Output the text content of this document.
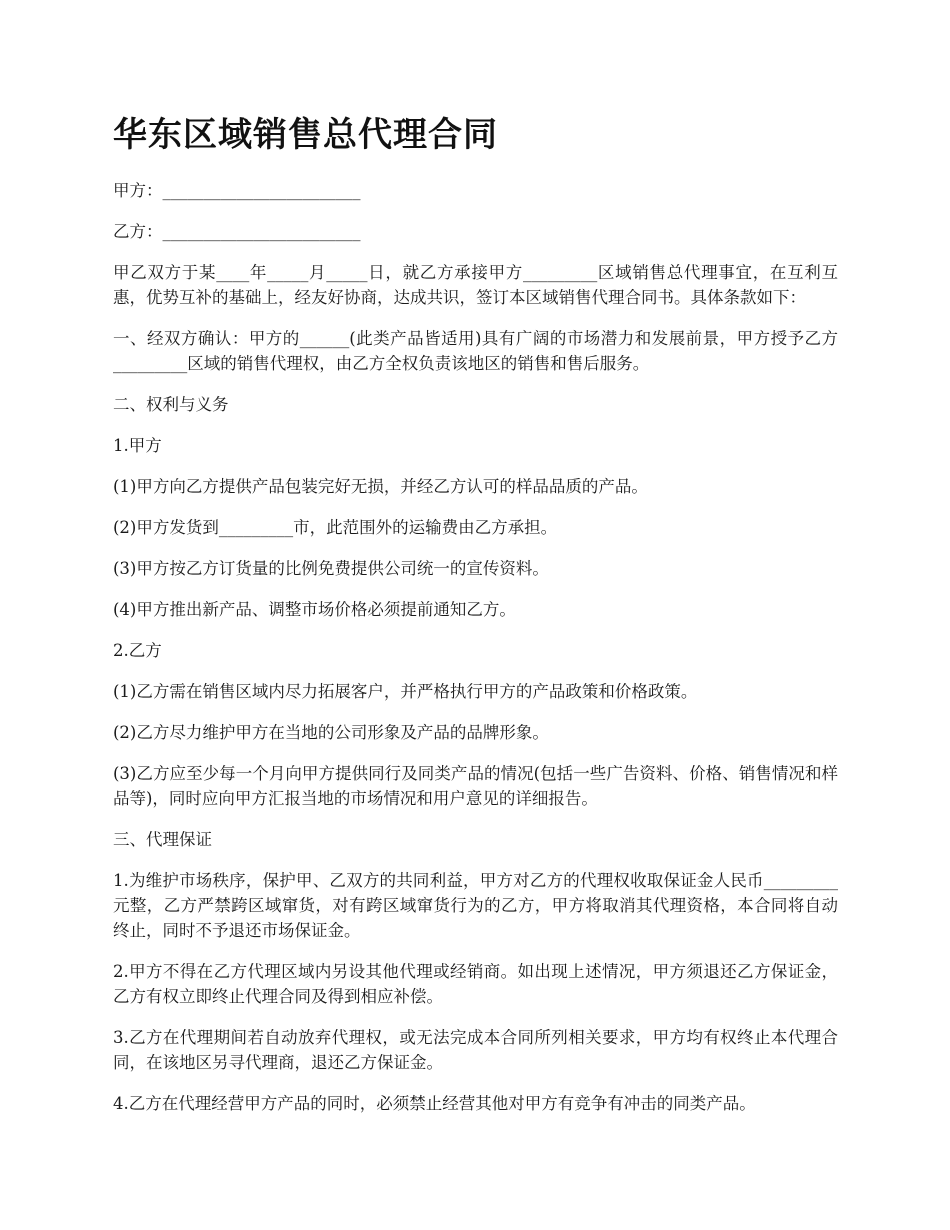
华东区域销售总代理合同

甲方：________________________

乙方：________________________

甲乙双方于某____年_____月_____日，就乙方承接甲方_________区域销售总代理事宜，在互利互惠，优势互补的基础上，经友好协商，达成共识，签订本区域销售代理合同书。具体条款如下：

一、经双方确认：甲方的______(此类产品皆适用)具有广阔的市场潜力和发展前景，甲方授予乙方_________区域的销售代理权，由乙方全权负责该地区的销售和售后服务。

二、权利与义务

1.甲方

(1)甲方向乙方提供产品包装完好无损，并经乙方认可的样品品质的产品。

(2)甲方发货到_________市，此范围外的运输费由乙方承担。

(3)甲方按乙方订货量的比例免费提供公司统一的宣传资料。

(4)甲方推出新产品、调整市场价格必须提前通知乙方。

2.乙方

(1)乙方需在销售区域内尽力拓展客户，并严格执行甲方的产品政策和价格政策。

(2)乙方尽力维护甲方在当地的公司形象及产品的品牌形象。

(3)乙方应至少每一个月向甲方提供同行及同类产品的情况(包括一些广告资料、价格、销售情况和样品等)，同时应向甲方汇报当地的市场情况和用户意见的详细报告。

三、代理保证

1.为维护市场秩序，保护甲、乙双方的共同利益，甲方对乙方的代理权收取保证金人民币_________元整，乙方严禁跨区域窜货，对有跨区域窜货行为的乙方，甲方将取消其代理资格，本合同将自动终止，同时不予退还市场保证金。

2.甲方不得在乙方代理区域内另设其他代理或经销商。如出现上述情况，甲方须退还乙方保证金，乙方有权立即终止代理合同及得到相应补偿。

3.乙方在代理期间若自动放弃代理权，或无法完成本合同所列相关要求，甲方均有权终止本代理合同，在该地区另寻代理商，退还乙方保证金。

4.乙方在代理经营甲方产品的同时，必须禁止经营其他对甲方有竞争有冲击的同类产品。
